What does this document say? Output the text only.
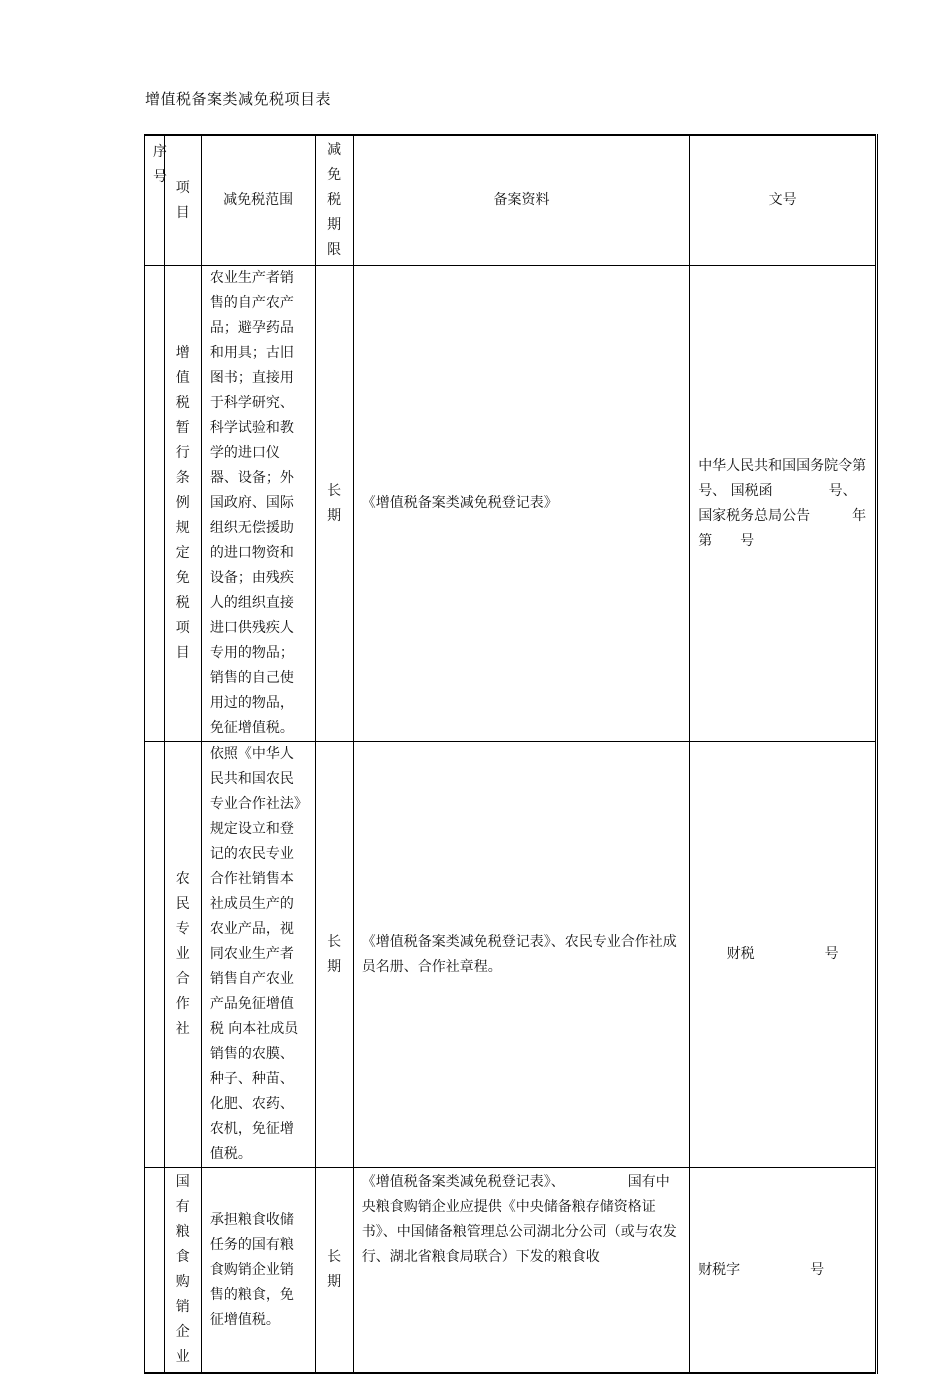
增值税备案类减免税项目表
序号	项目	减免税范围	减免税期限	备案资料	文号
	增值税暂行条例规定免税项目	农业生产者销售的自产农产品；避孕药品和用具；古旧图书；直接用于科学研究、科学试验和教学的进口仪器、设备；外国政府、国际组织无偿援助的进口物资和设备；由残疾人的组织直接进口供残疾人专用的物品；销售的自己使用过的物品，免征增值税。	长期	《增值税备案类减免税登记表》	中华人民共和国国务院令第　　号、 国税函　　　　号、国家税务总局公告　　　年第　　号
	农民专业合作社	依照《中华人民共和国农民专业合作社法》规定设立和登记的农民专业合作社销售本社成员生产的农业产品，视同农业生产者销售自产农业产品免征增值税 向本社成员销售的农膜、种子、种苗、化肥、农药、农机，免征增值税。	长期	《增值税备案类减免税登记表》、农民专业合作社成员名册、合作社章程。	财税　　　　　号
	国有粮食购销企业	承担粮食收储任务的国有粮食购销企业销售的粮食，免征增值税。	长期	《增值税备案类减免税登记表》、　　　　　国有中央粮食购销企业应提供《中央储备粮存储资格证书》、中国储备粮管理总公司湖北分公司（或与农发行、湖北省粮食局联合）下发的粮食收	财税字　　　　　号
